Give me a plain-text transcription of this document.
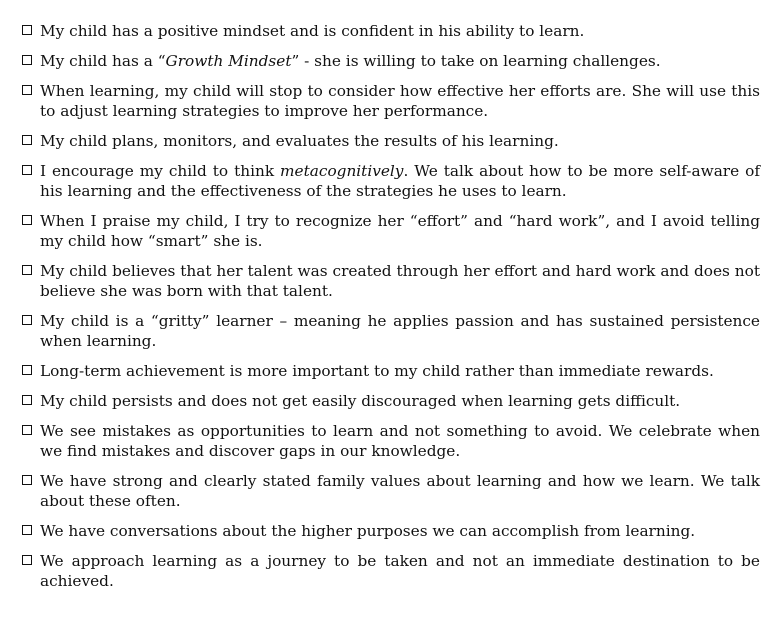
My child has a positive mindset and is confident in his ability to learn.
My child has a “Growth Mindset” - she is willing to take on learning challenges.
When learning, my child will stop to consider how effective her efforts are. She will use this to adjust learning strategies to improve her performance.
My child plans, monitors, and evaluates the results of his learning.
I encourage my child to think metacognitively. We talk about how to be more self-aware of his learning and the effectiveness of the strategies he uses to learn.
When I praise my child, I try to recognize her “effort” and “hard work”, and I avoid telling my child how “smart” she is.
My child believes that her talent was created through her effort and hard work and does not believe she was born with that talent.
My child is a “gritty” learner – meaning he applies passion and has sustained persistence when learning.
Long-term achievement is more important to my child rather than immediate rewards.
My child persists and does not get easily discouraged when learning gets difficult.
We see mistakes as opportunities to learn and not something to avoid. We celebrate when we find mistakes and discover gaps in our knowledge.
We have strong and clearly stated family values about learning and how we learn. We talk about these often.
We have conversations about the higher purposes we can accomplish from learning.
We approach learning as a journey to be taken and not an immediate destination to be achieved.
